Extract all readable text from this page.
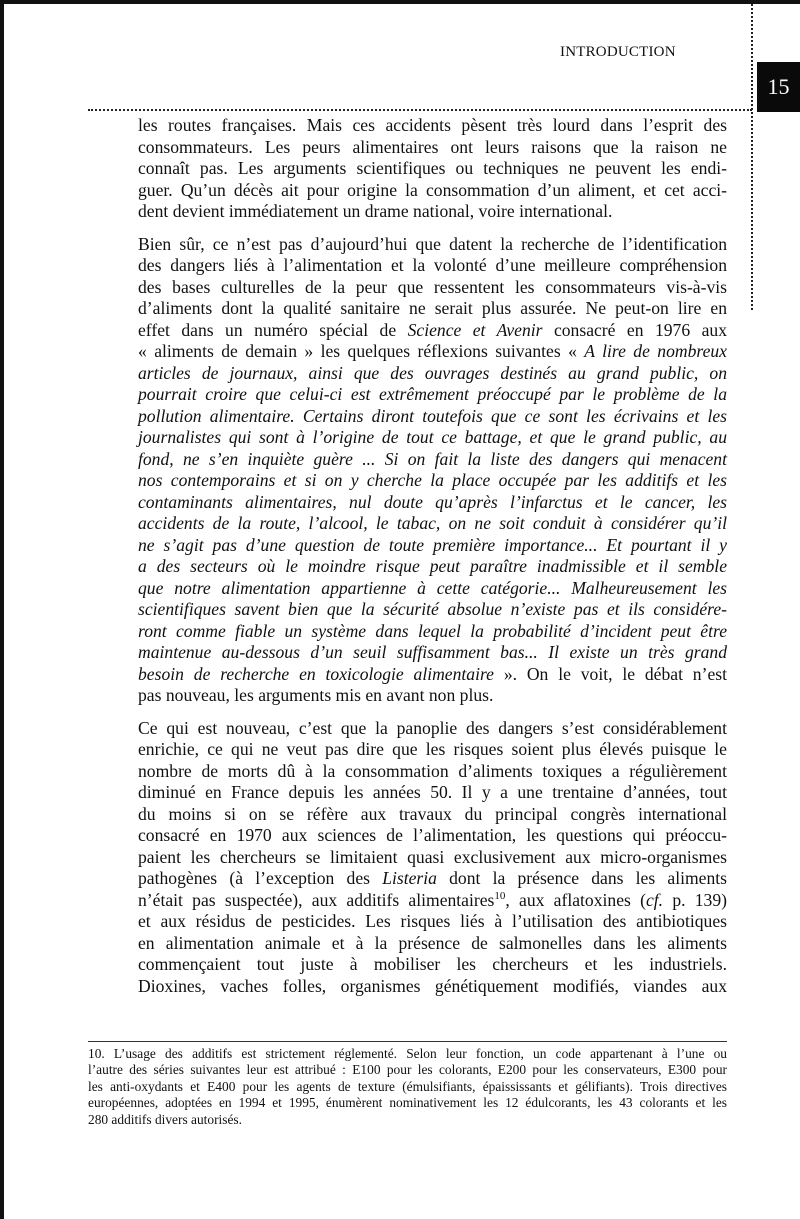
INTRODUCTION
15
les routes françaises. Mais ces accidents pèsent très lourd dans l’esprit des
consommateurs. Les peurs alimentaires ont leurs raisons que la raison ne
connaît pas. Les arguments scientifiques ou techniques ne peuvent les endi-
guer. Qu’un décès ait pour origine la consommation d’un aliment, et cet acci-
dent devient immédiatement un drame national, voire international.
Bien sûr, ce n’est pas d’aujourd’hui que datent la recherche de l’identification
des dangers liés à l’alimentation et la volonté d’une meilleure compréhension
des bases culturelles de la peur que ressentent les consommateurs vis-à-vis
d’aliments dont la qualité sanitaire ne serait plus assurée. Ne peut-on lire en
effet dans un numéro spécial de Science et Avenir consacré en 1976 aux
« aliments de demain » les quelques réflexions suivantes « A lire de nombreux
articles de journaux, ainsi que des ouvrages destinés au grand public, on
pourrait croire que celui-ci est extrêmement préoccupé par le problème de la
pollution alimentaire. Certains diront toutefois que ce sont les écrivains et les
journalistes qui sont à l’origine de tout ce battage, et que le grand public, au
fond, ne s’en inquiète guère ... Si on fait la liste des dangers qui menacent
nos contemporains et si on y cherche la place occupée par les additifs et les
contaminants alimentaires, nul doute qu’après l’infarctus et le cancer, les
accidents de la route, l’alcool, le tabac, on ne soit conduit à considérer qu’il
ne s’agit pas d’une question de toute première importance... Et pourtant il y
a des secteurs où le moindre risque peut paraître inadmissible et il semble
que notre alimentation appartienne à cette catégorie... Malheureusement les
scientifiques savent bien que la sécurité absolue n’existe pas et ils considére-
ront comme fiable un système dans lequel la probabilité d’incident peut être
maintenue au-dessous d’un seuil suffisamment bas... Il existe un très grand
besoin de recherche en toxicologie alimentaire ». On le voit, le débat n’est
pas nouveau, les arguments mis en avant non plus.
Ce qui est nouveau, c’est que la panoplie des dangers s’est considérablement
enrichie, ce qui ne veut pas dire que les risques soient plus élevés puisque le
nombre de morts dû à la consommation d’aliments toxiques a régulièrement
diminué en France depuis les années 50. Il y a une trentaine d’années, tout
du moins si on se réfère aux travaux du principal congrès international
consacré en 1970 aux sciences de l’alimentation, les questions qui préoccu-
paient les chercheurs se limitaient quasi exclusivement aux micro-organismes
pathogènes (à l’exception des Listeria dont la présence dans les aliments
n’était pas suspectée), aux additifs alimentaires$^{10}$, aux aflatoxines (cf. p. 139)
et aux résidus de pesticides. Les risques liés à l’utilisation des antibiotiques
en alimentation animale et à la présence de salmonelles dans les aliments
commençaient tout juste à mobiliser les chercheurs et les industriels.
Dioxines, vaches folles, organismes génétiquement modifiés, viandes aux
10. L’usage des additifs est strictement réglementé. Selon leur fonction, un code appartenant à l’une ou
l’autre des séries suivantes leur est attribué : E100 pour les colorants, E200 pour les conservateurs, E300 pour
les anti-oxydants et E400 pour les agents de texture (émulsifiants, épaississants et gélifiants). Trois directives
européennes, adoptées en 1994 et 1995, énumèrent nominativement les 12 édulcorants, les 43 colorants et les
280 additifs divers autorisés.
